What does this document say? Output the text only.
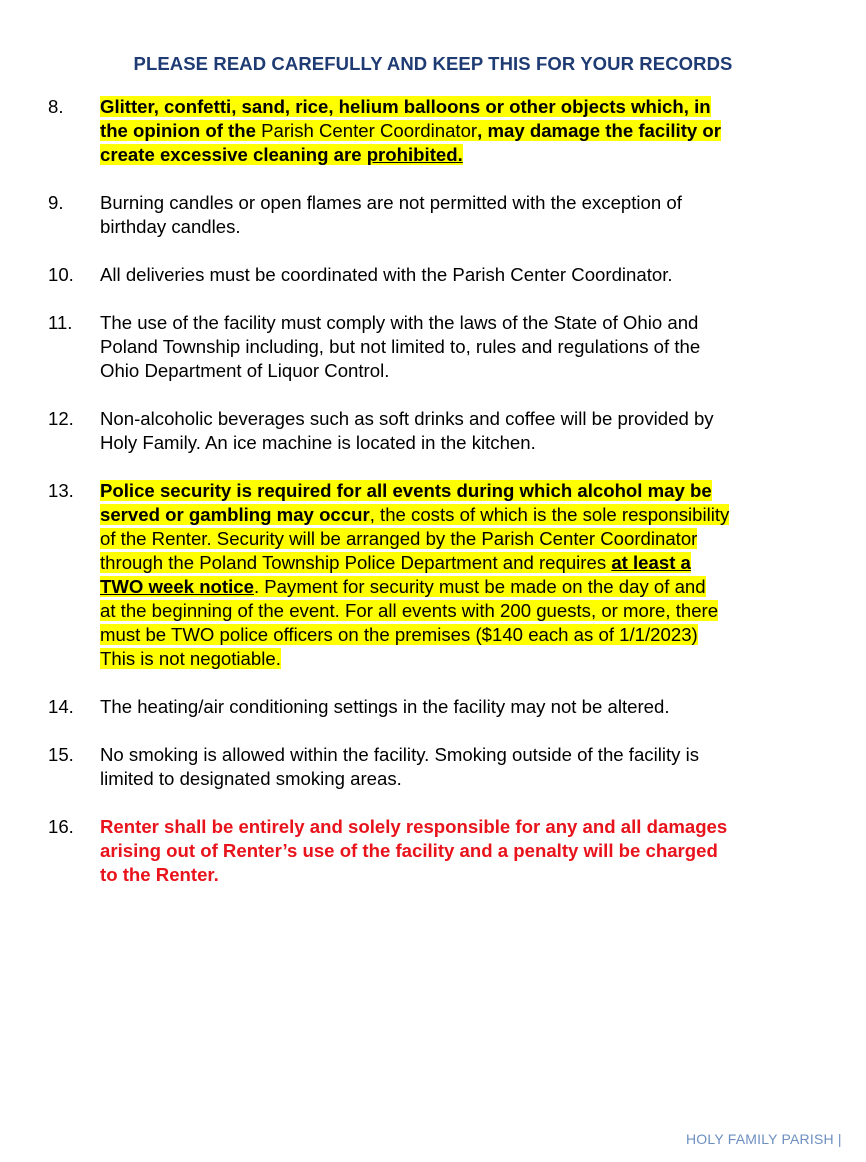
PLEASE READ CAREFULLY AND KEEP THIS FOR YOUR RECORDS
8. Glitter, confetti, sand, rice, helium balloons or other objects which, in
the opinion of the Parish Center Coordinator, may damage the facility or
create excessive cleaning are prohibited.
9. Burning candles or open flames are not permitted with the exception of
birthday candles.
10. All deliveries must be coordinated with the Parish Center Coordinator.
11. The use of the facility must comply with the laws of the State of Ohio and
Poland Township including, but not limited to, rules and regulations of the
Ohio Department of Liquor Control.
12. Non-alcoholic beverages such as soft drinks and coffee will be provided by
Holy Family. An ice machine is located in the kitchen.
13. Police security is required for all events during which alcohol may be
served or gambling may occur, the costs of which is the sole responsibility
of the Renter. Security will be arranged by the Parish Center Coordinator
through the Poland Township Police Department and requires at least a
TWO week notice. Payment for security must be made on the day of and
at the beginning of the event. For all events with 200 guests, or more, there
must be TWO police officers on the premises ($140 each as of 1/1/2023)
This is not negotiable.
14. The heating/air conditioning settings in the facility may not be altered.
15. No smoking is allowed within the facility. Smoking outside of the facility is
limited to designated smoking areas.
16. Renter shall be entirely and solely responsible for any and all damages
arising out of Renter’s use of the facility and a penalty will be charged
to the Renter.
HOLY FAMILY PARISH |
